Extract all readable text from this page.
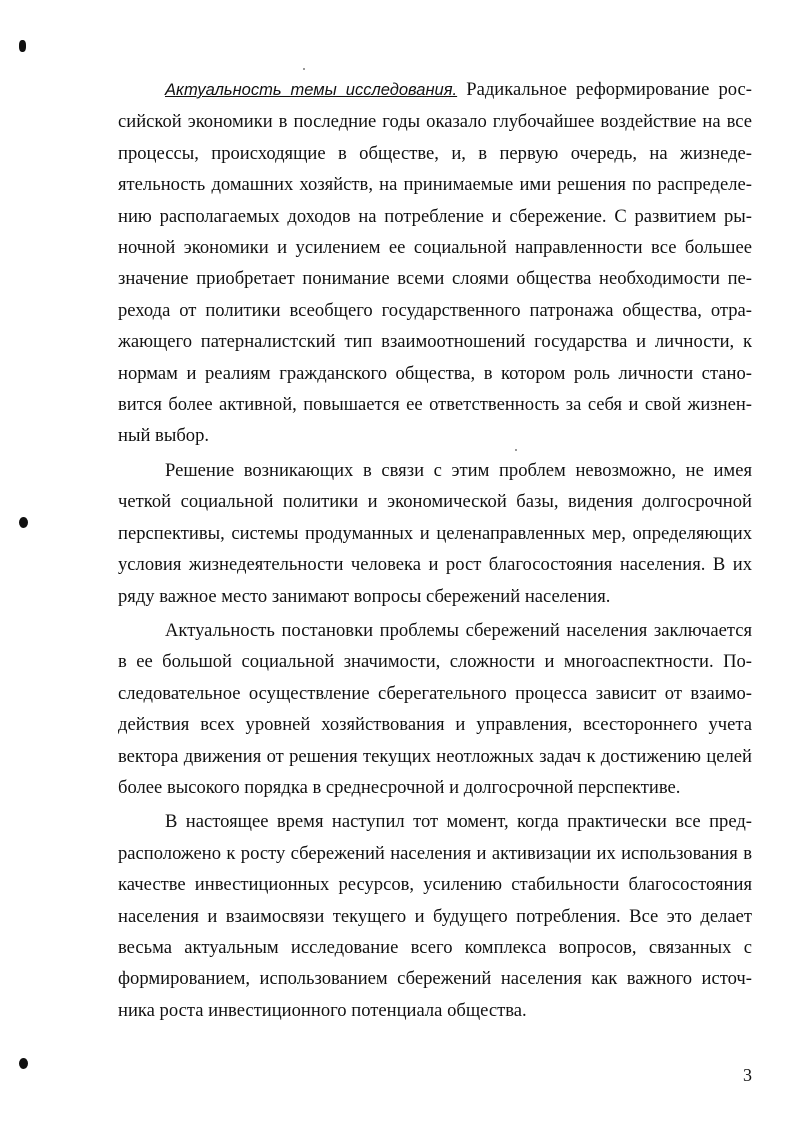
Актуальность темы исследования. Радикальное реформирование российской экономики в последние годы оказало глубочайшее воздействие на все процессы, происходящие в обществе, и, в первую очередь, на жизнедеятельность домашних хозяйств, на принимаемые ими решения по распределению располагаемых доходов на потребление и сбережение. С развитием рыночной экономики и усилением ее социальной направленности все большее значение приобретает понимание всеми слоями общества необходимости перехода от политики всеобщего государственного патронажа общества, отражающего патерналистский тип взаимоотношений государства и личности, к нормам и реалиям гражданского общества, в котором роль личности становится более активной, повышается ее ответственность за себя и свой жизненный выбор.

Решение возникающих в связи с этим проблем невозможно, не имея четкой социальной политики и экономической базы, видения долгосрочной перспективы, системы продуманных и целенаправленных мер, определяющих условия жизнедеятельности человека и рост благосостояния населения. В их ряду важное место занимают вопросы сбережений населения.

Актуальность постановки проблемы сбережений населения заключается в ее большой социальной значимости, сложности и многоаспектности. Последовательное осуществление сберегательного процесса зависит от взаимодействия всех уровней хозяйствования и управления, всестороннего учета вектора движения от решения текущих неотложных задач к достижению целей более высокого порядка в среднесрочной и долгосрочной перспективе.

В настоящее время наступил тот момент, когда практически все предрасположено к росту сбережений населения и активизации их использования в качестве инвестиционных ресурсов, усилению стабильности благосостояния населения и взаимосвязи текущего и будущего потребления. Все это делает весьма актуальным исследование всего комплекса вопросов, связанных с формированием, использованием сбережений населения как важного источника роста инвестиционного потенциала общества.

3
